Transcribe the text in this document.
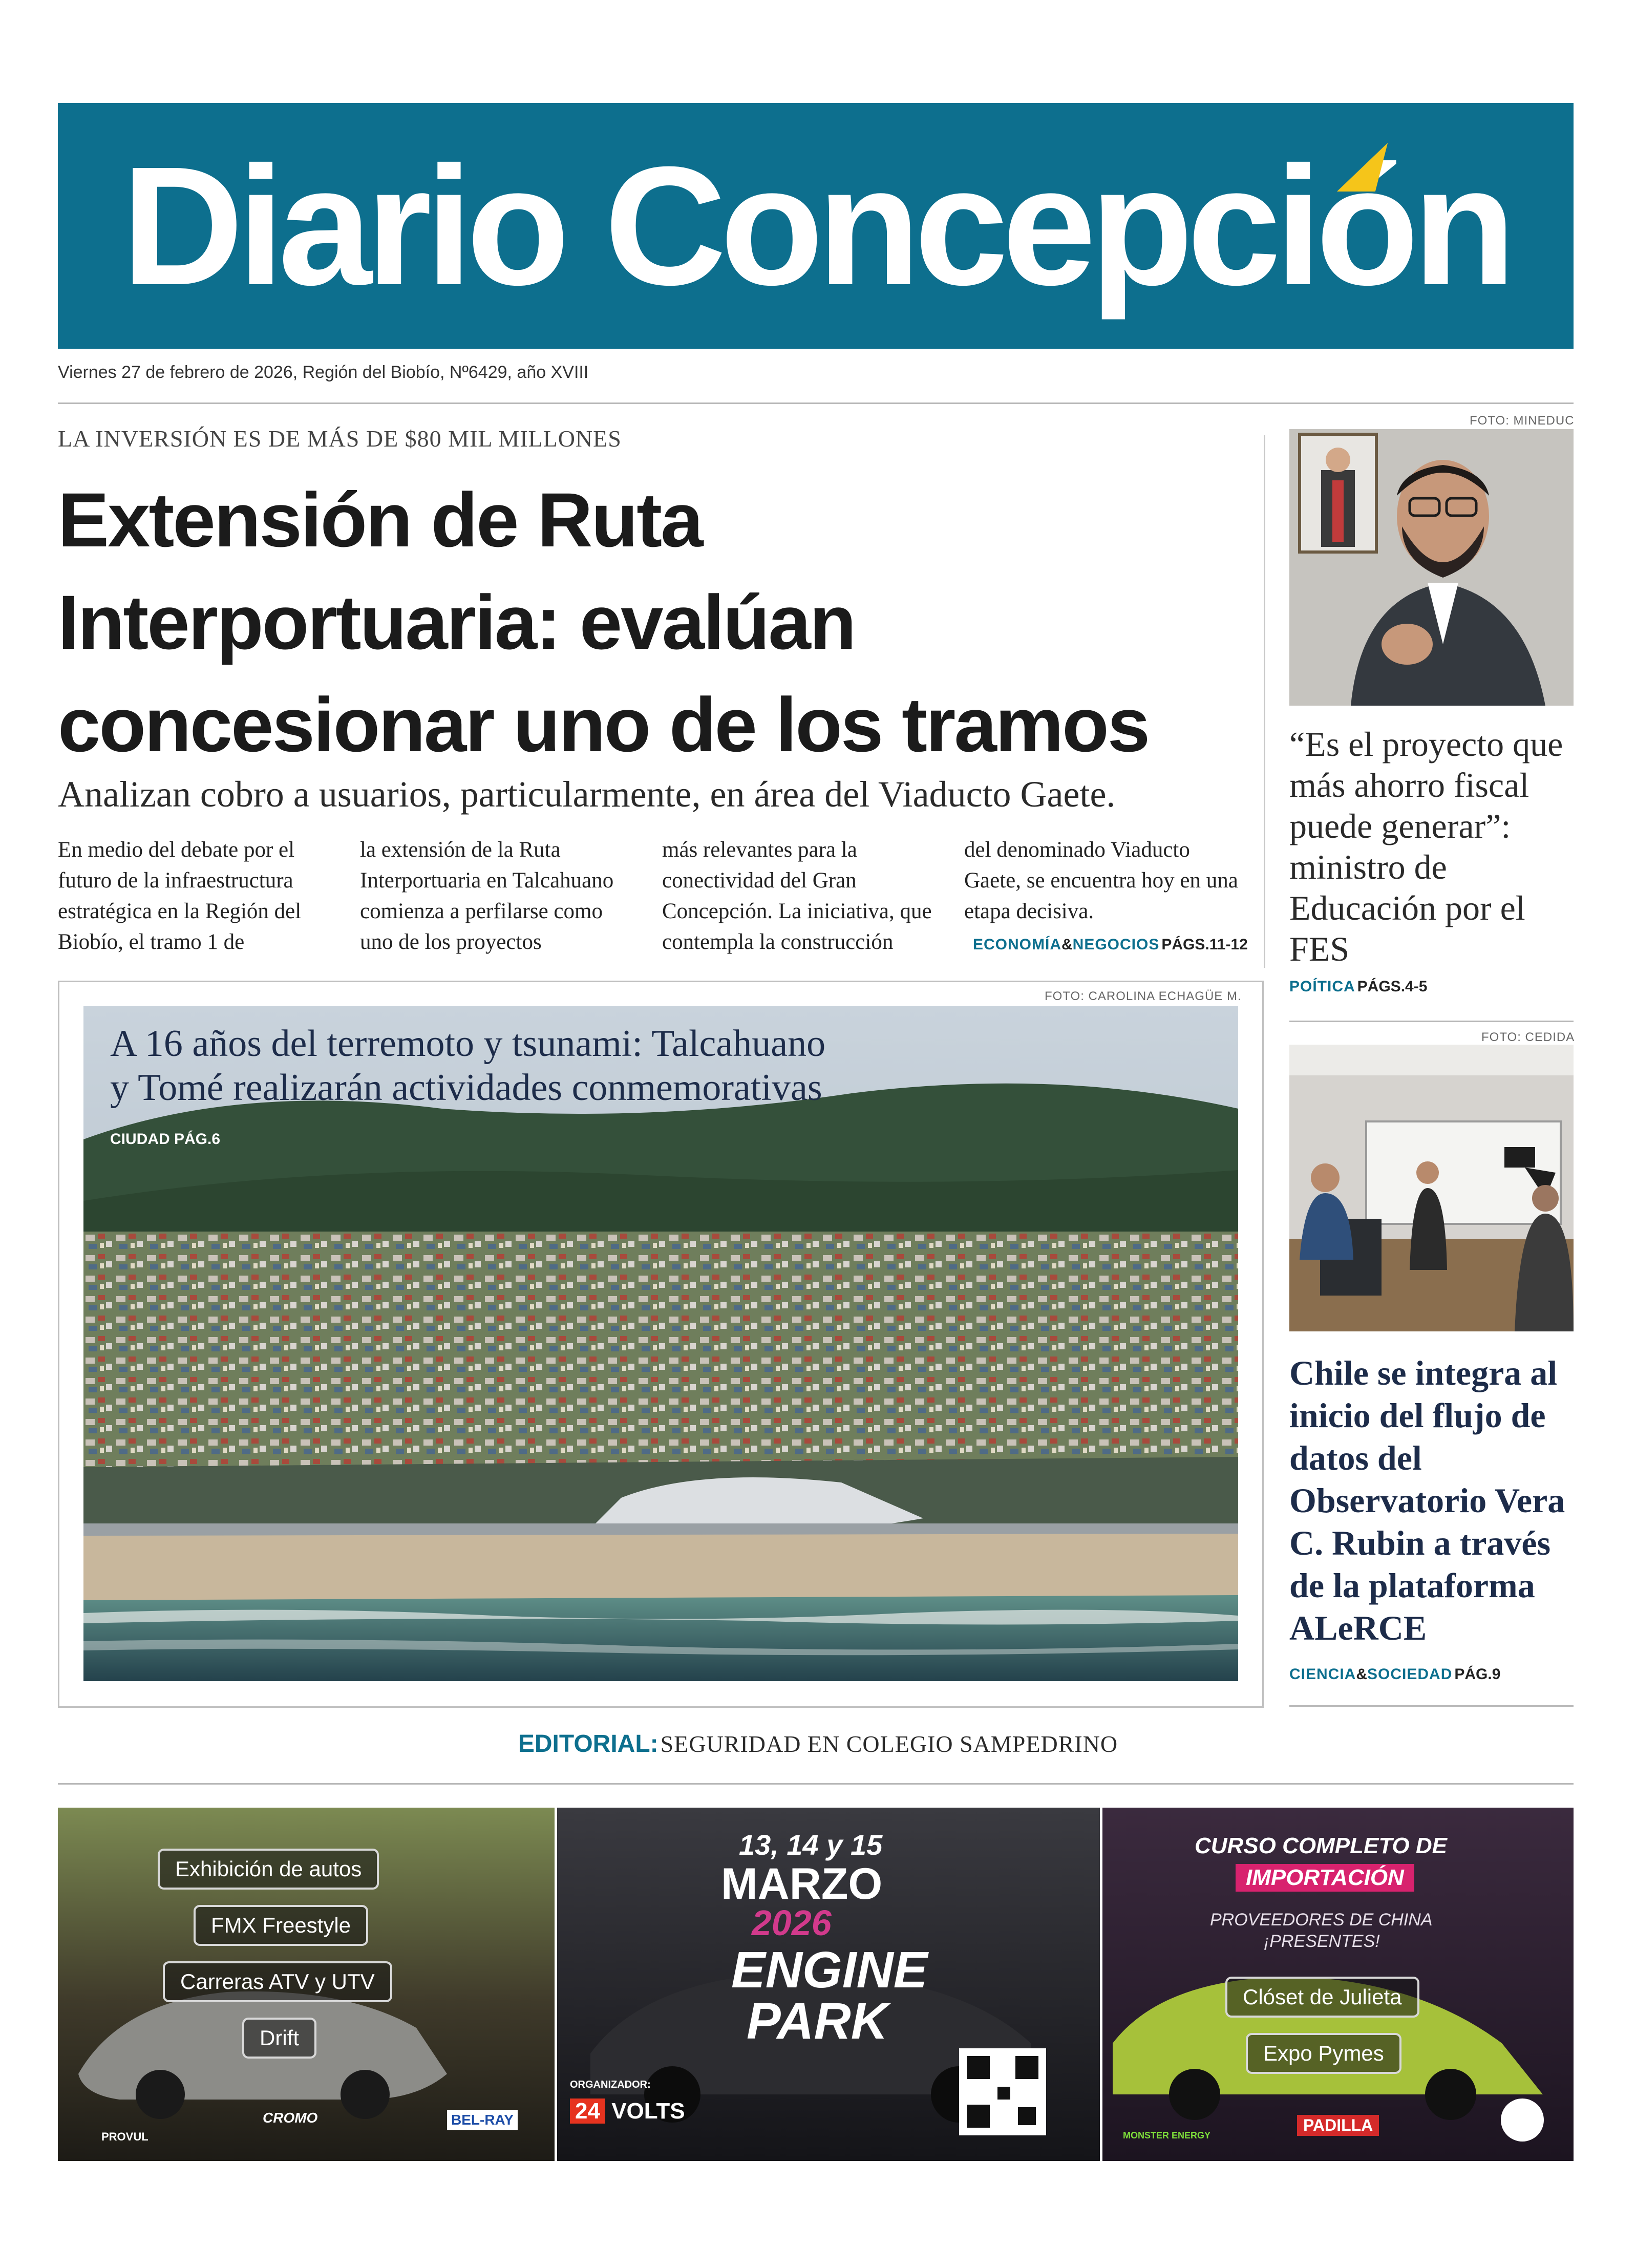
Diario Concepción
Viernes 27 de febrero de 2026, Región del Biobío, Nº6429, año XVIII
LA INVERSIÓN ES DE MÁS DE $80 MIL MILLONES
Extensión de Ruta
Interportuaria: evalúan
concesionar uno de los tramos
Analizan cobro a usuarios, particularmente, en área del Viaducto Gaete.
En medio del debate por el futuro de la infraestructura estratégica en la Región del Biobío, el tramo 1 de
la extensión de la Ruta Interportuaria en Talcahuano comienza a perfilarse como uno de los proyectos
más relevantes para la conectividad del Gran Concepción. La iniciativa, que contempla la construcción
del denominado Viaducto Gaete, se encuentra hoy en una etapa decisiva.
ECONOMÍA&NEGOCIOS PÁGS.11-12
FOTO: CAROLINA ECHAGÜE M.
A 16 años del terremoto y tsunami: Talcahuano
y Tomé realizarán actividades conmemorativas
CIUDAD PÁG.6
FOTO: MINEDUC
“Es el proyecto que más ahorro fiscal puede generar”: ministro de Educación por el FES
POÍTICA PÁGS.4-5
FOTO: CEDIDA
Chile se integra al inicio del flujo de datos del Observatorio Vera C. Rubin a través de la plataforma ALeRCE
CIENCIA&SOCIEDAD PÁG.9
EDITORIAL: SEGURIDAD EN COLEGIO SAMPEDRINO
Exhibición de autos
FMX Freestyle
Carreras ATV y UTV
Drift
PROVUL
CROMO	BEL-RAY
13, 14 y 15
MARZO
2026
ENGINE
PARK
ORGANIZADOR:
24 VOLTS
CURSO COMPLETO DE
IMPORTACIÓN
PROVEEDORES DE CHINA
¡PRESENTES!
Clóset de Julieta
Expo Pymes
MONSTER ENERGY
PADILLA
